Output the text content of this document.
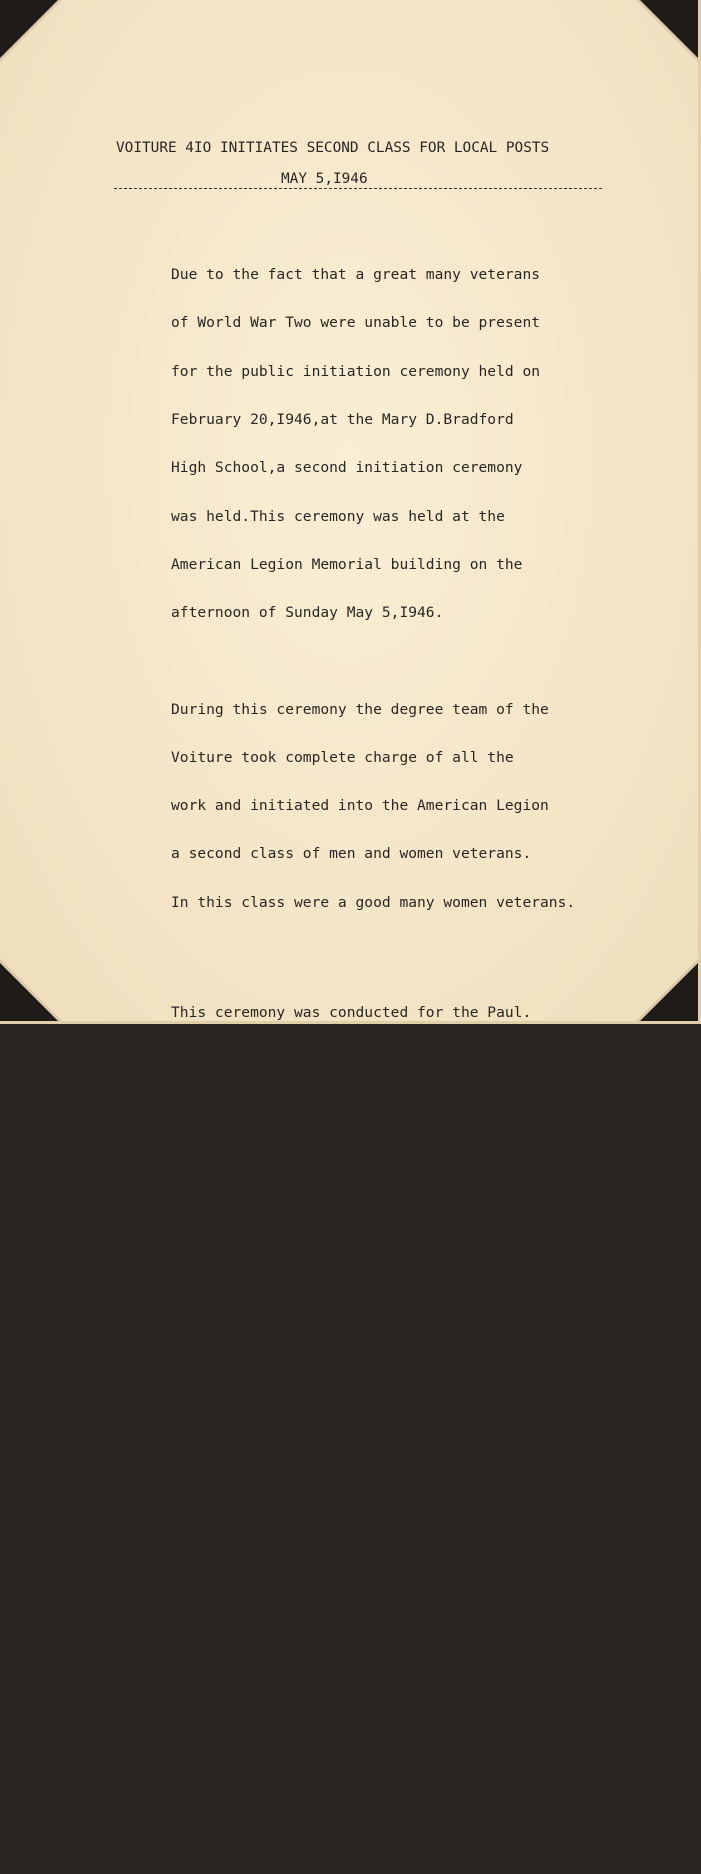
VOITURE 4IO INITIATES SECOND CLASS FOR LOCAL POSTS
MAY 5,I946

Due to the fact that a great many veterans

of World War Two were unable to be present

for the public initiation ceremony held on

February 20,I946,at the Mary D.Bradford

High School,a second initiation ceremony

was held.This ceremony was held at the

American Legion Memorial building on the

afternoon of Sunday May 5,I946.

During this ceremony the degree team of the

Voiture took complete charge of all the

work and initiated into the American Legion

a second class of men and women veterans.

In this class were a good many women veterans.

This ceremony was conducted for the Paul.

Herrick Post number 429,composed entirely

of veterand of world war two.

Many Kenoshan's were present,the auditorium

being filled to capacity.After the degree

team had completed its work a most inspiring

talk was given the new Leginnnaires by the

District Vice Commander Ralph.Alderson,himself

a Voyageur of Voiture 4IO.

Many fine remarks were heard after the meeting

regarding the manner on which the ceremony

was conducted,most of the compliments coming

from the new Legionnaires who were initiated.

A newspaper story clipping is attached to the

following page on this activity.
